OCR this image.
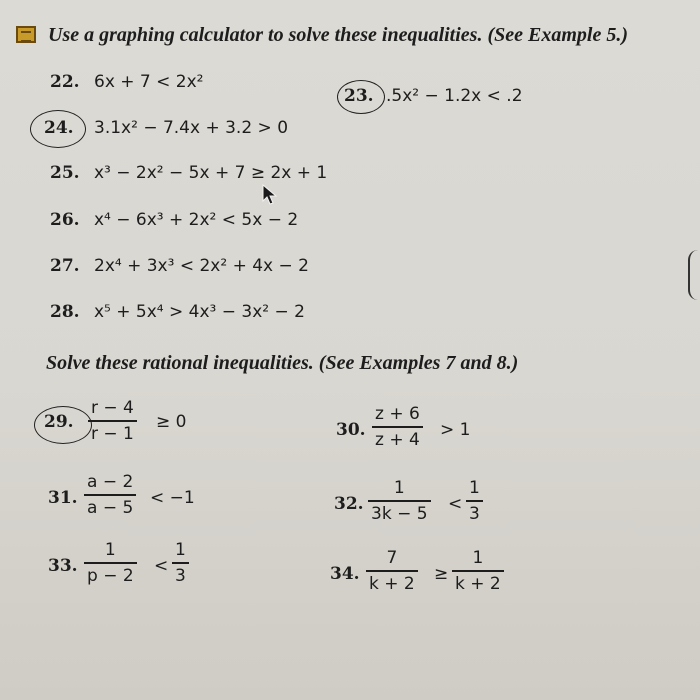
Use a graphing calculator to solve these inequalities. (See Example 5.)
22. 6x + 7 < 2x²
23. .5x² − 1.2x < .2
24. 3.1x² − 7.4x + 3.2 > 0
25. x³ − 2x² − 5x + 7 ≥ 2x + 1
26. x⁴ − 6x³ + 2x² < 5x − 2
27. 2x⁴ + 3x³ < 2x² + 4x − 2
28. x⁵ + 5x⁴ > 4x³ − 3x² − 2
Solve these rational inequalities. (See Examples 7 and 8.)
29.
r − 4
r − 1
≥ 0	30.
z + 6
z + 4 > 1
31.
a − 2
a − 5 < −1	32.
1
3k − 5 <
1
3
33.
1
p − 2 <
1
3	34.
7
k + 2 ≥
1
k + 2
